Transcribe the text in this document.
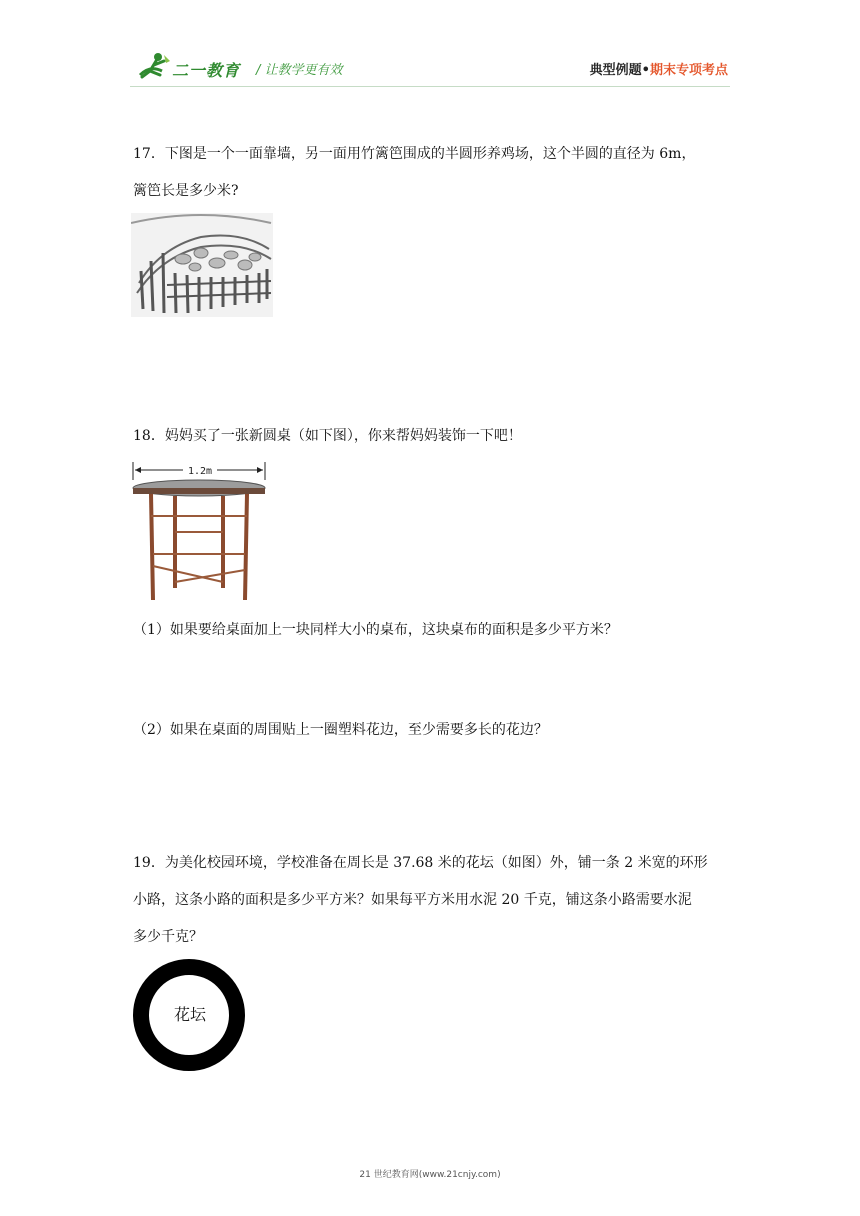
二一教育 / 让教学更有效	典型例题•期末专项考点

17．下图是一个一面靠墙，另一面用竹篱笆围成的半圆形养鸡场，这个半圆的直径为 6m，

篱笆长是多少米?

18．妈妈买了一张新圆桌（如下图），你来帮妈妈装饰一下吧！

1.2m
（1）如果要给桌面加上一块同样大小的桌布，这块桌布的面积是多少平方米？
（2）如果在桌面的周围贴上一圈塑料花边，至少需要多长的花边？

19．为美化校园环境，学校准备在周长是 37.68 米的花坛（如图）外，铺一条 2 米宽的环形

小路，这条小路的面积是多少平方米？如果每平方米用水泥 20 千克，铺这条小路需要水泥

多少千克？

花坛
21 世纪教育网(www.21cnjy.com)
